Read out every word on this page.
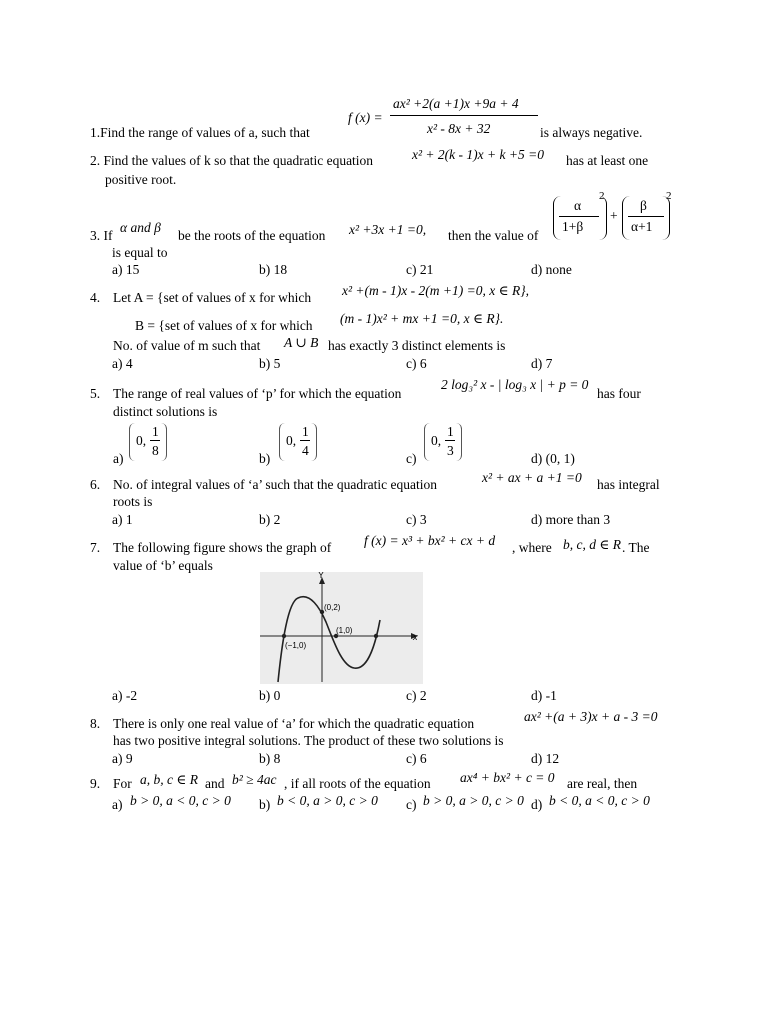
f (x) =
ax² +2(a +1)x +9a + 4
x² - 8x + 32
1.Find the range of values of a, such that	is always negative.
2. Find the values of k so that the quadratic equation	x² + 2(k - 1)x + k +5 =0 has at least one
positive root.
3. If
α and β
be the roots of the equation x² +3x +1 =0, then the value of
α
1+β
2
+
β
α+1
2
is equal to
a) 15	b) 18	c) 21	d) none
4. Let A = {set of values of x for which x² +(m - 1)x - 2(m +1) =0, x ∈ R},
B = {set of values of x for which (m - 1)x² + mx +1 =0, x ∈ R}.
No. of value of m such that A ∪ B has exactly 3 distinct elements is
a) 4	b) 5	c) 6	d) 7
5. The range of real values of ‘p’ for which the equation
2 log₃² x - | log₃ x | + p = 0
has four
distinct solutions is
a)
0,
1
8
b)
0,
1
4
c)
0,
1
3
d) (0, 1)
6. No. of integral values of ‘a’ such that the quadratic equation	x² + ax + a +1 =0 has integral
roots is
a) 1	b) 2	c) 3	d) more than 3
7. The following figure shows the graph of f (x) = x³ + bx² + cx + d , where b, c, d ∈ R . The
value of ‘b’ equals
Y
x
(0,2)
(1,0)
(−1,0)
a) -2	b) 0	c) 2	d) -1
8. There is only one real value of ‘a’ for which the quadratic equation	ax² +(a + 3)x + a - 3 =0
has two positive integral solutions. The product of these two solutions is
a) 9	b) 8	c) 6	d) 12
9. For a, b, c ∈ R and b² ≥ 4ac , if all roots of the equation ax⁴ + bx² + c = 0 are real, then
a) b > 0, a < 0, c > 0 b) b < 0, a > 0, c > 0 c) b > 0, a > 0, c > 0 d) b < 0, a < 0, c > 0
